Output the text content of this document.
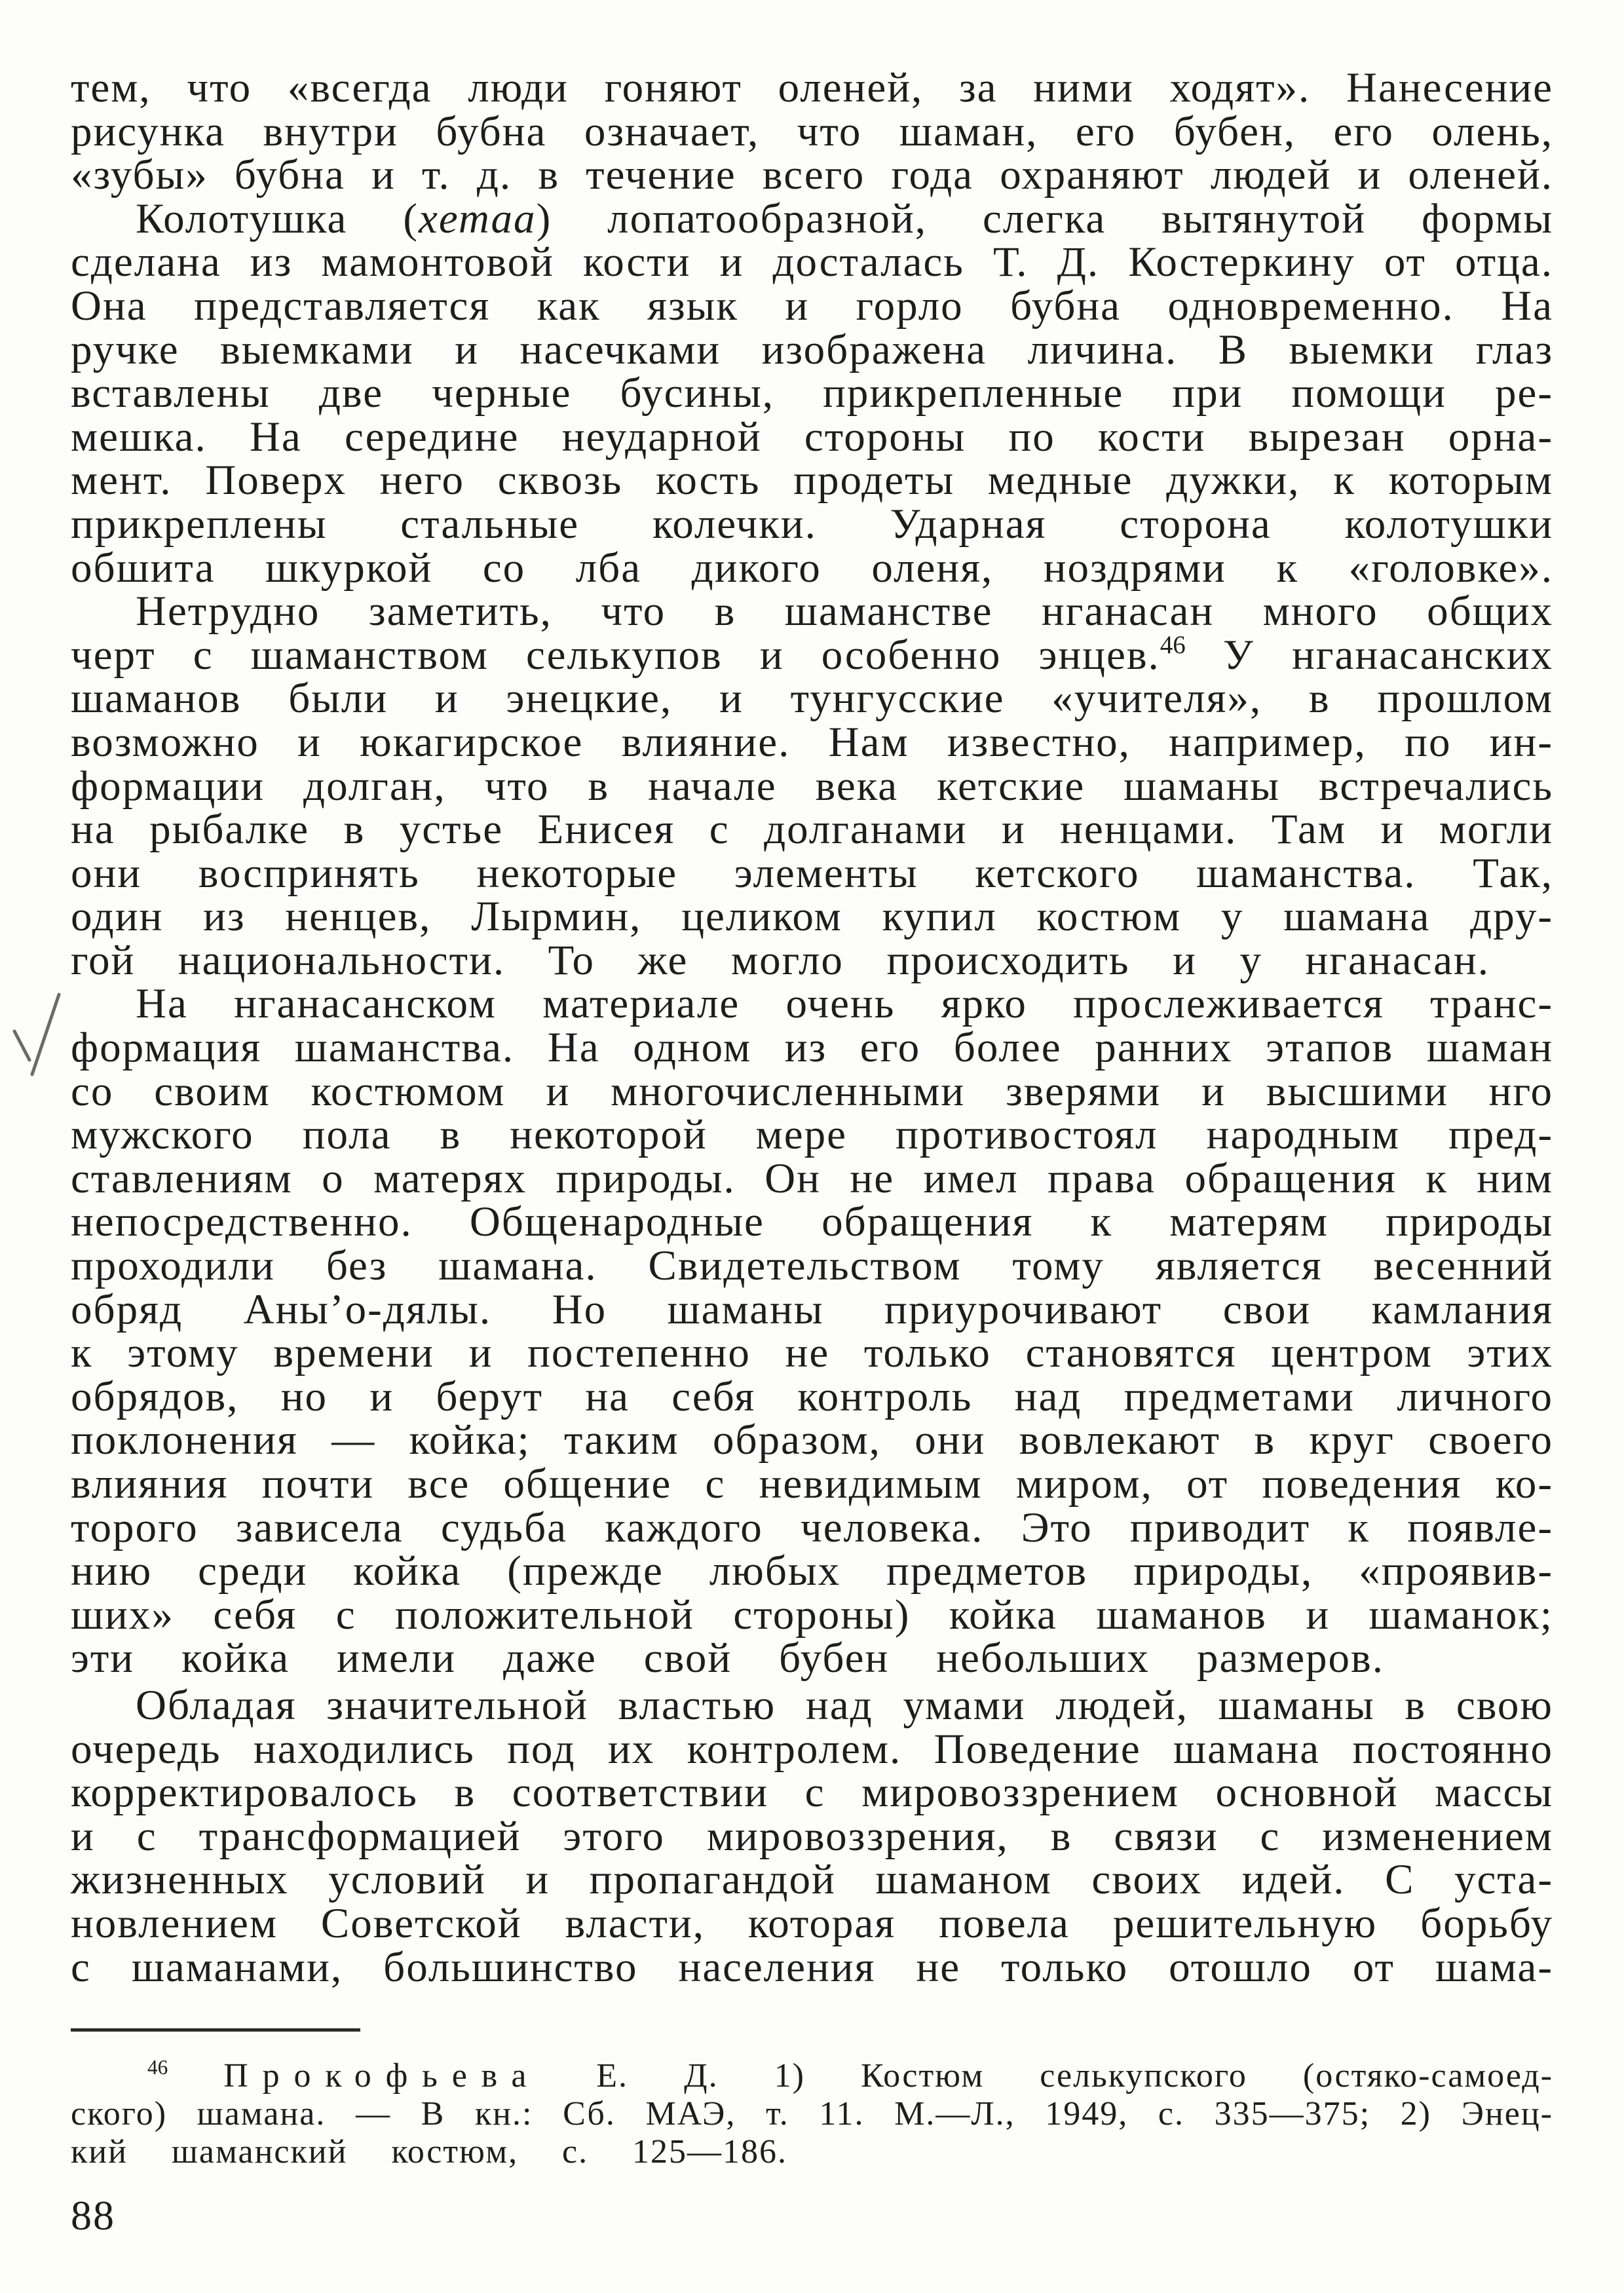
тем, что «всегда люди гоняют оленей, за ними ходят». Нанесение
рисунка внутри бубна означает, что шаман, его бубен, его олень,
«зубы» бубна и т. д. в течение всего года охраняют людей и оленей.
Колотушка (хетаа) лопатообразной, слегка вытянутой формы
сделана из мамонтовой кости и досталась Т. Д. Костеркину от отца.
Она представляется как язык и горло бубна одновременно. На
ручке выемками и насечками изображена личина. В выемки глаз
вставлены две черные бусины, прикрепленные при помощи ре-
мешка. На середине неударной стороны по кости вырезан орна-
мент. Поверх него сквозь кость продеты медные дужки, к которым
прикреплены стальные колечки. Ударная сторона колотушки
обшита шкуркой со лба дикого оленя, ноздрями к «головке».
Нетрудно заметить, что в шаманстве нганасан много общих
черт с шаманством селькупов и особенно энцев.$^{46}$ У нганасанских
шаманов были и энецкие, и тунгусские «учителя», в прошлом
возможно и юкагирское влияние. Нам известно, например, по ин-
формации долган, что в начале века кетские шаманы встречались
на рыбалке в устье Енисея с долганами и ненцами. Там и могли
они воспринять некоторые элементы кетского шаманства. Так,
один из ненцев, Лырмин, целиком купил костюм у шамана дру-
гой национальности. То же могло происходить и у нганасан.
На нганасанском материале очень ярко прослеживается транс-
формация шаманства. На одном из его более ранних этапов шаман
со своим костюмом и многочисленными зверями и высшими нго
мужского пола в некоторой мере противостоял народным пред-
ставлениям о матерях природы. Он не имел права обращения к ним
непосредственно. Общенародные обращения к матерям природы
проходили без шамана. Свидетельством тому является весенний
обряд Аны’о-дялы. Но шаманы приурочивают свои камлания
к этому времени и постепенно не только становятся центром этих
обрядов, но и берут на себя контроль над предметами личного
поклонения — койка; таким образом, они вовлекают в круг своего
влияния почти все общение с невидимым миром, от поведения ко-
торого зависела судьба каждого человека. Это приводит к появле-
нию среди койка (прежде любых предметов природы, «проявив-
ших» себя с положительной стороны) койка шаманов и шаманок;
эти койка имели даже свой бубен небольших размеров.
Обладая значительной властью над умами людей, шаманы в свою
очередь находились под их контролем. Поведение шамана постоянно
корректировалось в соответствии с мировоззрением основной массы
и с трансформацией этого мировоззрения, в связи с изменением
жизненных условий и пропагандой шаманом своих идей. С уста-
новлением Советской власти, которая повела решительную борьбу
с шаманами, большинство населения не только отошло от шама-
$^{46}$ Прокофьева Е. Д. 1) Костюм селькупского (остяко-самоед-
ского) шамана. — В кн.: Сб. МАЭ, т. 11. М.—Л., 1949, с. 335—375; 2) Энец-
кий шаманский костюм, с. 125—186.
88
